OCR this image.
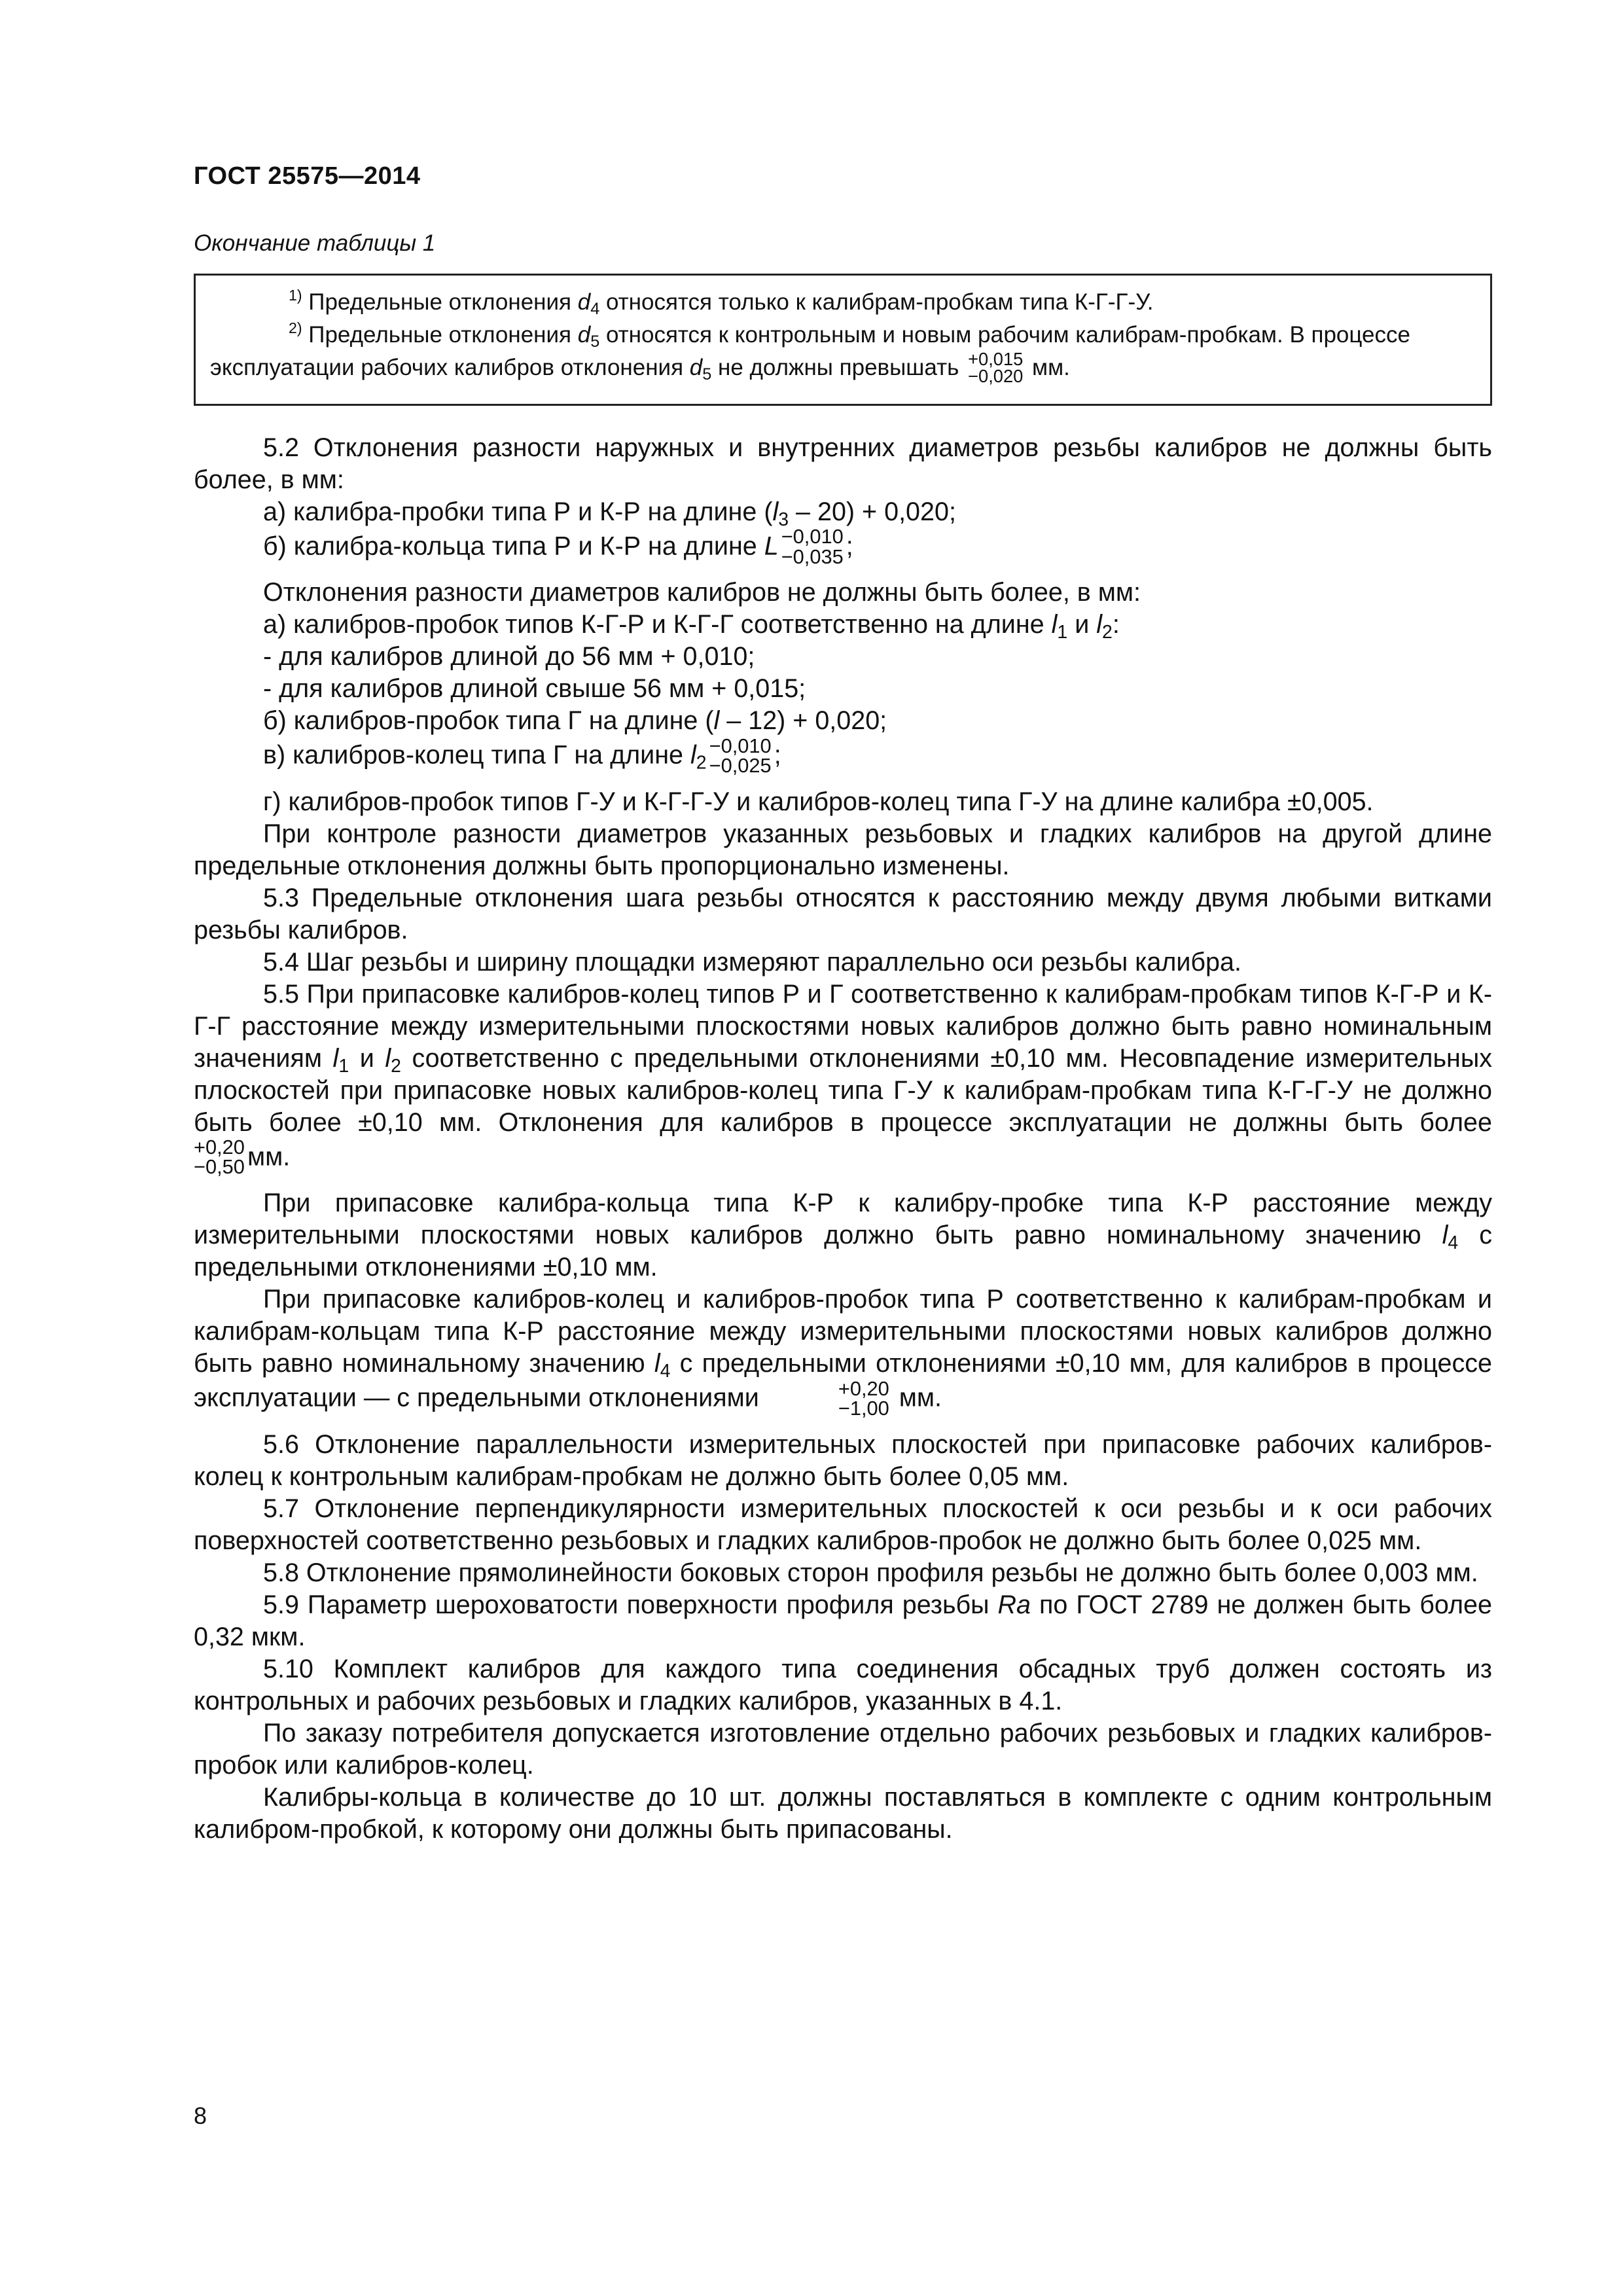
ГОСТ 25575—2014
Окончание таблицы 1

$^{1)}$ Предельные отклонения $d_4$ относятся только к калибрам-пробкам типа К-Г-Г-У.

$^{2)}$ Предельные отклонения $d_5$ относятся к контрольным и новым рабочим калибрам-пробкам. В процессе

эксплуатации рабочих калибров отклонения $d_5$ не должны превышать +0,015
−0,020 мм.

5.2 Отклонения разности наружных и внутренних диаметров резьбы калибров не должны быть более, в мм:

а) калибра-пробки типа Р и К-Р на длине $(l_3 - 20) + 0,020$;

б) калибра-кольца типа Р и К-Р на длине L −0,010
−0,035 ;

Отклонения разности диаметров калибров не должны быть более, в мм:

а) калибров-пробок типов К-Г-Р и К-Г-Г соответственно на длине $l_1$ и $l_2$:

- для калибров длиной до 56 мм + 0,010;

- для калибров длиной свыше 56 мм + 0,015;

б) калибров-пробок типа Г на длине (l – 12) + 0,020;

в) калибров-колец типа Г на длине $l_2$
−0,010
−0,025 ;

г) калибров-пробок типов Г-У и К-Г-Г-У и калибров-колец типа Г-У на длине калибра ±0,005.

При контроле разности диаметров указанных резьбовых и гладких калибров на другой длине предельные отклонения должны быть пропорционально изменены.

5.3 Предельные отклонения шага резьбы относятся к расстоянию между двумя любыми витками резьбы калибров.

5.4 Шаг резьбы и ширину площадки измеряют параллельно оси резьбы калибра.

5.5 При припасовке калибров-колец типов Р и Г соответственно к калибрам-пробкам типов К-Г-Р и К-Г-Г расстояние между измерительными плоскостями новых калибров должно быть равно номинальным значениям $l_1$ и $l_2$ соответственно с предельными отклонениями ±0,10 мм. Несовпадение измерительных плоскостей при припасовке новых калибров-колец типа Г-У к калибрам-пробкам типа К-Г-Г-У не должно быть более ±0,10 мм. Отклонения для калибров в процессе эксплуатации не должны быть более

+0,20
−0,50 мм.

При припасовке калибра-кольца типа К-Р к калибру-пробке типа К-Р расстояние между измерительными плоскостями новых калибров должно быть равно номинальному значению $l_4$ с предельными отклонениями ±0,10 мм.

При припасовке калибров-колец и калибров-пробок типа Р соответственно к калибрам-пробкам и калибрам-кольцам типа К-Р расстояние между измерительными плоскостями новых калибров должно быть равно номинальному значению $l_4$ с предельными отклонениями ±0,10 мм, для калибров в процессе эксплуатации — с предельными отклонениями	+0,20
−1,00 мм.

5.6 Отклонение параллельности измерительных плоскостей при припасовке рабочих калибров-колец к контрольным калибрам-пробкам не должно быть более 0,05 мм.

5.7 Отклонение перпендикулярности измерительных плоскостей к оси резьбы и к оси рабочих поверхностей соответственно резьбовых и гладких калибров-пробок не должно быть более 0,025 мм.

5.8 Отклонение прямолинейности боковых сторон профиля резьбы не должно быть более 0,003 мм.

5.9 Параметр шероховатости поверхности профиля резьбы Ra по ГОСТ 2789 не должен быть более 0,32 мкм.

5.10 Комплект калибров для каждого типа соединения обсадных труб должен состоять из контрольных и рабочих резьбовых и гладких калибров, указанных в 4.1.

По заказу потребителя допускается изготовление отдельно рабочих резьбовых и гладких калибров-пробок или калибров-колец.

Калибры-кольца в количестве до 10 шт. должны поставляться в комплекте с одним контрольным калибром-пробкой, к которому они должны быть припасованы.

8
